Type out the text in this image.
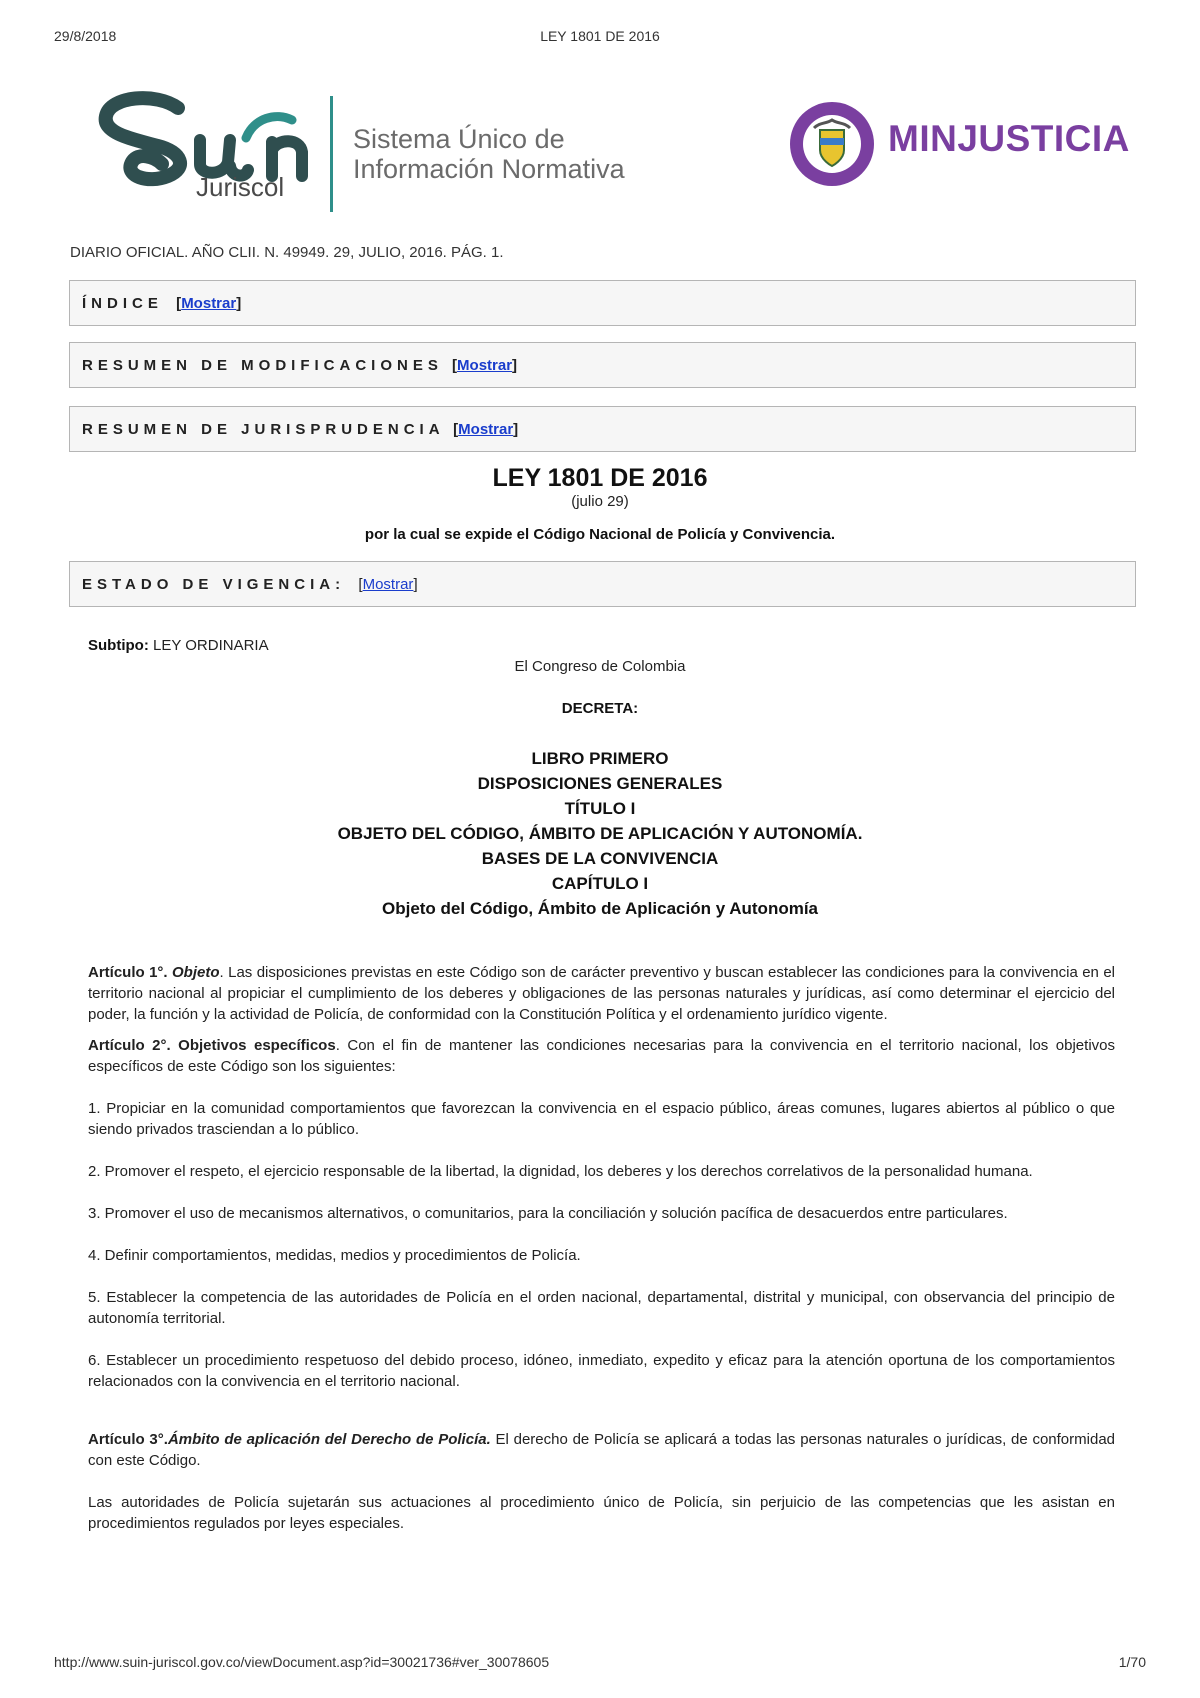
29/8/2018	LEY 1801 DE 2016
Juriscol
Sistema Único de
Información Normativa
MINJUSTICIA
DIARIO OFICIAL. AÑO CLII. N. 49949. 29, JULIO, 2016. PÁG. 1.
ÍNDICE  [Mostrar]
RESUMEN DE MODIFICACIONES [Mostrar]
RESUMEN DE JURISPRUDENCIA [Mostrar]
LEY 1801 DE 2016
(julio 29)
por la cual se expide el Código Nacional de Policía y Convivencia.
ESTADO DE VIGENCIA:  [Mostrar]
Subtipo: LEY ORDINARIA
El Congreso de Colombia
DECRETA:
LIBRO PRIMERO
DISPOSICIONES GENERALES
TÍTULO I
OBJETO DEL CÓDIGO, ÁMBITO DE APLICACIÓN Y AUTONOMÍA.
BASES DE LA CONVIVENCIA
CAPÍTULO I
Objeto del Código, Ámbito de Aplicación y Autonomía

Artículo 1°. Objeto. Las disposiciones previstas en este Código son de carácter preventivo y buscan establecer las condiciones para la convivencia en el territorio nacional al propiciar el cumplimiento de los deberes y obligaciones de las personas naturales y jurídicas, así como determinar el ejercicio del poder, la función y la actividad de Policía, de conformidad con la Constitución Política y el ordenamiento jurídico vigente.

Artículo 2°. Objetivos específicos. Con el fin de mantener las condiciones necesarias para la convivencia en el territorio nacional, los objetivos específicos de este Código son los siguientes:

1. Propiciar en la comunidad comportamientos que favorezcan la convivencia en el espacio público, áreas comunes, lugares abiertos al público o que siendo privados trasciendan a lo público.

2. Promover el respeto, el ejercicio responsable de la libertad, la dignidad, los deberes y los derechos correlativos de la personalidad humana.

3. Promover el uso de mecanismos alternativos, o comunitarios, para la conciliación y solución pacífica de desacuerdos entre particulares.

4. Definir comportamientos, medidas, medios y procedimientos de Policía.

5. Establecer la competencia de las autoridades de Policía en el orden nacional, departamental, distrital y municipal, con observancia del principio de autonomía territorial.

6. Establecer un procedimiento respetuoso del debido proceso, idóneo, inmediato, expedito y eficaz para la atención oportuna de los comportamientos relacionados con la convivencia en el territorio nacional.

Artículo 3°.Ámbito de aplicación del Derecho de Policía. El derecho de Policía se aplicará a todas las personas naturales o jurídicas, de conformidad con este Código.

Las autoridades de Policía sujetarán sus actuaciones al procedimiento único de Policía, sin perjuicio de las competencias que les asistan en procedimientos regulados por leyes especiales.

http://www.suin-juriscol.gov.co/viewDocument.asp?id=30021736#ver_30078605	1/70
